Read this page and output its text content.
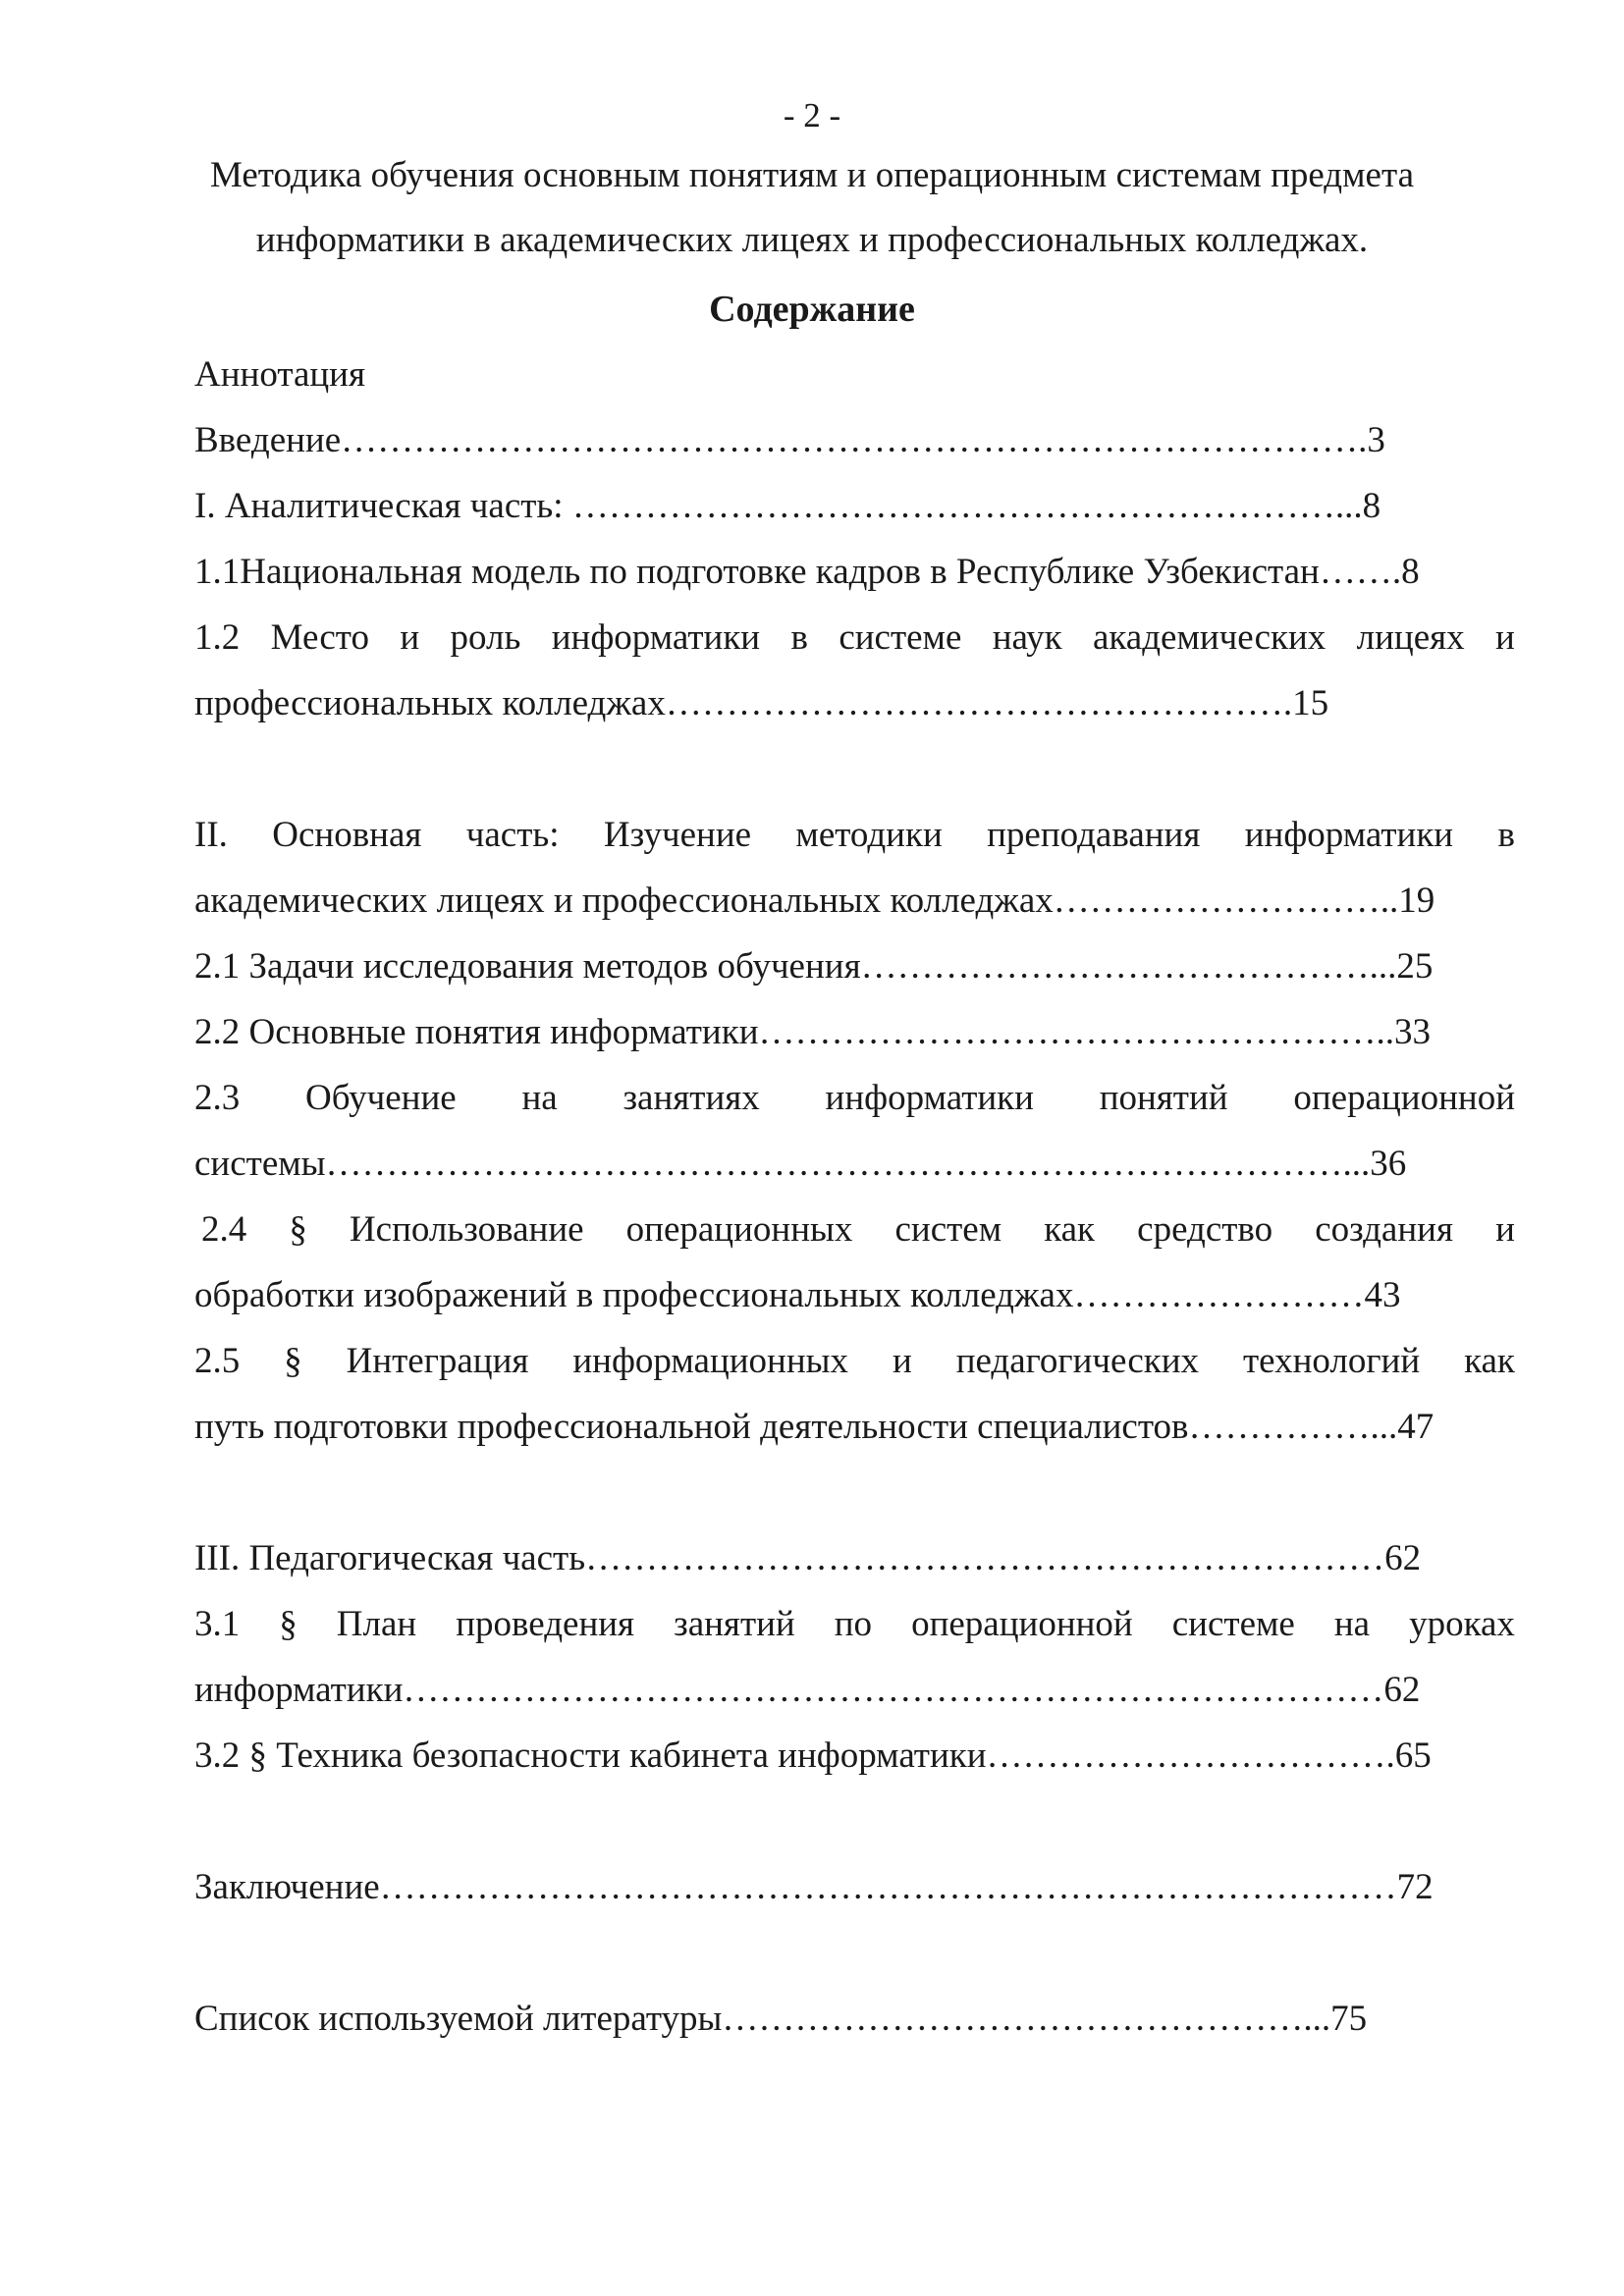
- 2 -
Методика обучения основным понятиям и операционным системам предмета
информатики в академических лицеях и профессиональных колледжах.
Содержание
Аннотация
Введение………………………………………………………………………….3
I. Аналитическая часть: ………………………………………………………...8
1.1Национальная модель по подготовке кадров в Республике Узбекистан…….8
1.2 Место и роль информатики в системе наук академических лицеях и
профессиональных колледжах…………………………………………….15
II. Основная часть: Изучение методики преподавания информатики в
академических лицеях и профессиональных колледжах………………………..19
2.1 Задачи исследования методов обучения……………………………………...25
2.2 Основные понятия информатики……………………………………………..33
2.3 Обучение на занятиях информатики понятий операционной
системы…………………………………………………………………………...36
2.4 § Использование операционных систем как средство создания и
обработки изображений в профессиональных колледжах……………………43
2.5 § Интеграция информационных и педагогических технологий как
путь подготовки профессиональной деятельности специалистов……………...47
III. Педагогическая часть…………………………………………………………62
3.1 § План проведения занятий по операционной системе на уроках
информатики………………………………………………………………………62
3.2 § Техника безопасности кабинета информатики…………………………….65
Заключение…………………………………………………………………………72
Список используемой литературы…………………………………………...75
